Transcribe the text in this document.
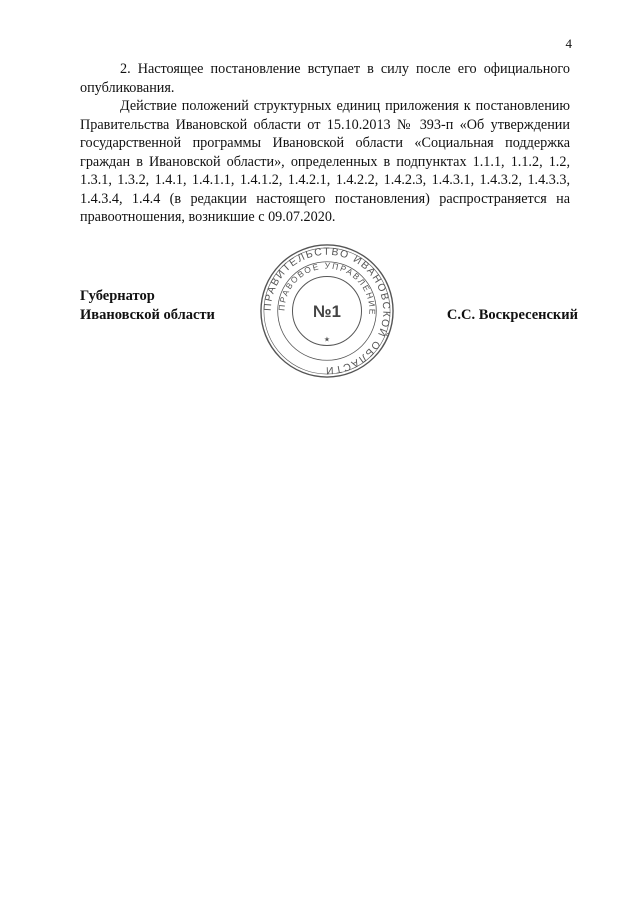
4

2. Настоящее постановление вступает в силу после его официального опубликования.

Действие положений структурных единиц приложения к постановлению Правительства Ивановской области от 15.10.2013 № 393-п «Об утверждении государственной программы Ивановской области «Социальная поддержка граждан в Ивановской области», определенных в подпунктах 1.1.1, 1.1.2, 1.2, 1.3.1, 1.3.2, 1.4.1, 1.4.1.1, 1.4.1.2, 1.4.2.1, 1.4.2.2, 1.4.2.3, 1.4.3.1, 1.4.3.2, 1.4.3.3, 1.4.3.4, 1.4.4 (в редакции настоящего постановления) распространяется на правоотношения, возникшие с 09.07.2020.

Губернатор
Ивановской области
ПРАВИТЕЛЬСТВО ИВАНОВСКОЙ ОБЛАСТИ
ПРАВОВОЕ УПРАВЛЕНИЕ
№1
★
С.С. Воскресенский
